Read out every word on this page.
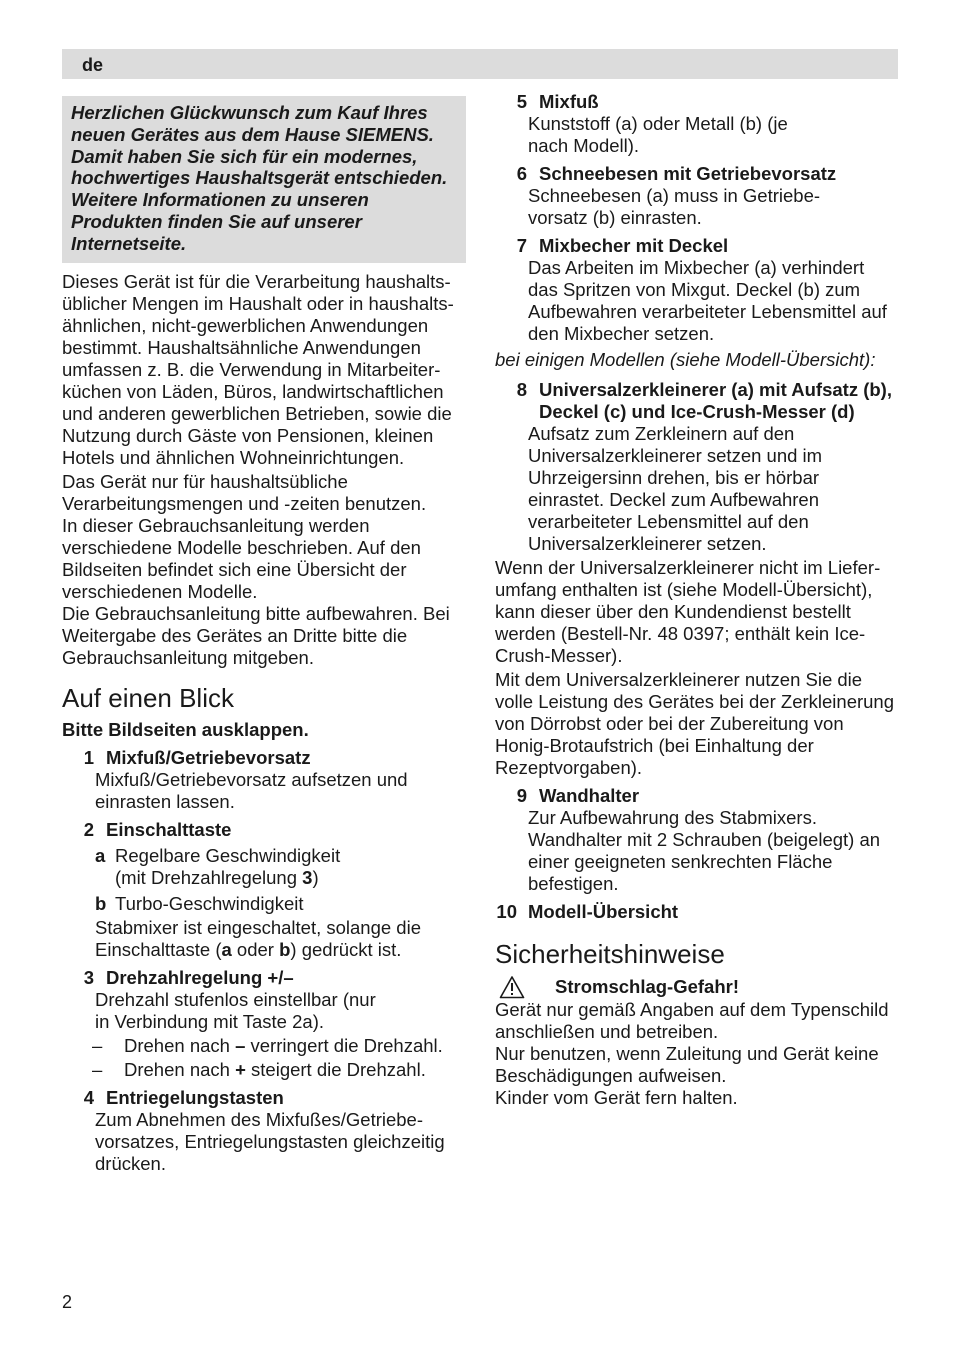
de

Herzlichen Glückwunsch zum Kauf Ihres neuen Gerätes aus dem Hause SIEMENS. Damit haben Sie sich für ein modernes, hochwertiges Haushaltsgerät entschieden. Weitere Informationen zu unseren Produkten finden Sie auf unserer Internetseite.

Dieses Gerät ist für die Verarbeitung haushaltsüblicher Mengen im Haushalt oder in haushaltsähnlichen, nicht-gewerblichen Anwendungen bestimmt. Haushaltsähnliche Anwendungen umfassen z. B. die Verwendung in Mitarbeiterküchen von Läden, Büros, landwirtschaftlichen und anderen gewerblichen Betrieben, sowie die Nutzung durch Gäste von Pensionen, kleinen Hotels und ähnlichen Wohneinrichtungen.

Das Gerät nur für haushaltsübliche Verarbeitungsmengen und -zeiten benutzen.

In dieser Gebrauchsanleitung werden verschiedene Modelle beschrieben. Auf den Bildseiten befindet sich eine Übersicht der verschiedenen Modelle.

Die Gebrauchsanleitung bitte aufbewahren. Bei Weitergabe des Gerätes an Dritte bitte die Gebrauchsanleitung mitgeben.

Auf einen Blick

Bitte Bildseiten ausklappen.

1 Mixfuß/Getriebevorsatz

Mixfuß/Getriebevorsatz aufsetzen und einrasten lassen.

2 Einschalttaste
a Regelbare Geschwindigkeit
(mit Drehzahlregelung 3)
b Turbo-Geschwindigkeit

Stabmixer ist eingeschaltet, solange die Einschalttaste (a oder b) gedrückt ist.

3 Drehzahlregelung +/–

Drehzahl stufenlos einstellbar (nur in Verbindung mit Taste 2a).

–	Drehen nach – verringert die Drehzahl.
–	Drehen nach + steigert die Drehzahl.
4 Entriegelungstasten

Zum Abnehmen des Mixfußes/Getriebevorsatzes, Entriegelungstasten gleichzeitig drücken.

5 Mixfuß

Kunststoff (a) oder Metall (b) (je nach Modell).

6 Schneebesen mit Getriebevorsatz

Schneebesen (a) muss in Getriebevorsatz (b) einrasten.

7 Mixbecher mit Deckel

Das Arbeiten im Mixbecher (a) verhindert das Spritzen von Mixgut. Deckel (b) zum Aufbewahren verarbeiteter Lebensmittel auf den Mixbecher setzen.

bei einigen Modellen (siehe Modell-Übersicht):

8 Universalzerkleinerer (a) mit Aufsatz (b), Deckel (c) und Ice-Crush-Messer (d)

Aufsatz zum Zerkleinern auf den Universalzerkleinerer setzen und im Uhrzeigersinn drehen, bis er hörbar einrastet. Deckel zum Aufbewahren verarbeiteter Lebensmittel auf den Universalzerkleinerer setzen.

Wenn der Universalzerkleinerer nicht im Lieferumfang enthalten ist (siehe Modell-Übersicht), kann dieser über den Kundendienst bestellt werden (Bestell-Nr. 48 0397; enthält kein Ice-Crush-Messer).

Mit dem Universalzerkleinerer nutzen Sie die volle Leistung des Gerätes bei der Zerkleinerung von Dörrobst oder bei der Zubereitung von Honig-Brotaufstrich (bei Einhaltung der Rezeptvorgaben).

9 Wandhalter

Zur Aufbewahrung des Stabmixers. Wandhalter mit 2 Schrauben (beigelegt) an einer geeigneten senkrechten Fläche befestigen.

10 Modell-Übersicht
Sicherheitshinweise
Stromschlag-Gefahr!

Gerät nur gemäß Angaben auf dem Typenschild anschließen und betreiben.

Nur benutzen, wenn Zuleitung und Gerät keine Beschädigungen aufweisen.

Kinder vom Gerät fern halten.

2
